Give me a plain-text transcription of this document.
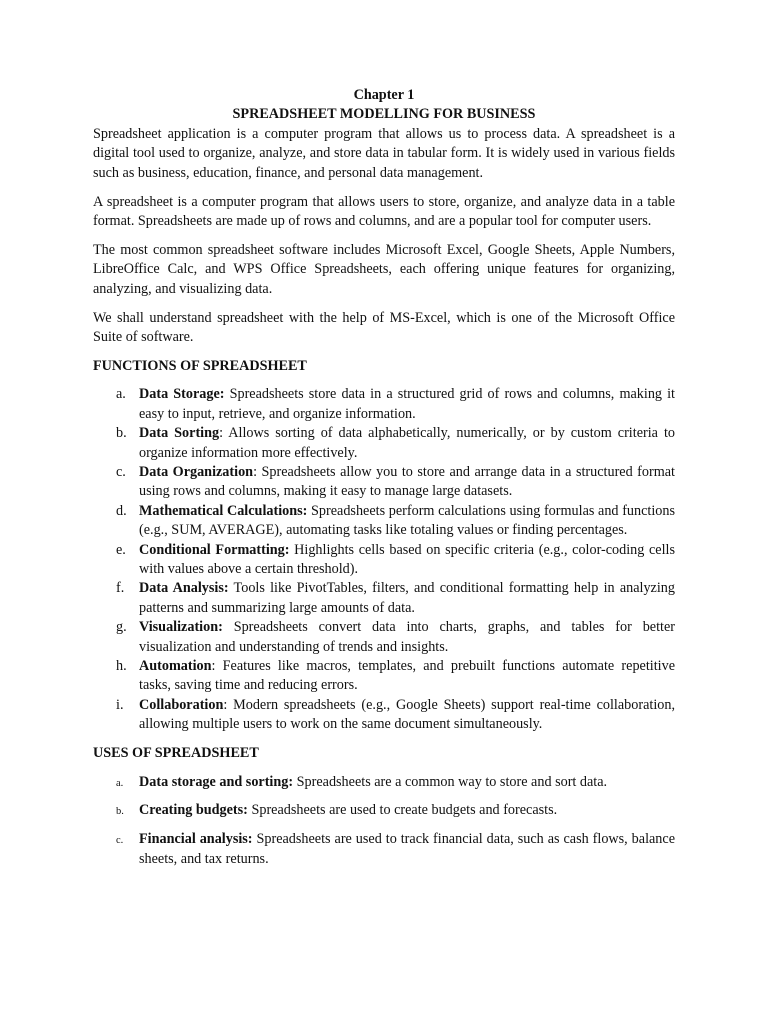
Chapter 1

SPREADSHEET MODELLING FOR BUSINESS

Spreadsheet application is a computer program that allows us to process data. A spreadsheet is a digital tool used to organize, analyze, and store data in tabular form. It is widely used in various fields such as business, education, finance, and personal data management.

A spreadsheet is a computer program that allows users to store, organize, and analyze data in a table format. Spreadsheets are made up of rows and columns, and are a popular tool for computer users.

The most common spreadsheet software includes Microsoft Excel, Google Sheets, Apple Numbers, LibreOffice Calc, and WPS Office Spreadsheets, each offering unique features for organizing, analyzing, and visualizing data.

We shall understand spreadsheet with the help of MS-Excel, which is one of the Microsoft Office Suite of software.

FUNCTIONS OF SPREADSHEET

a. Data Storage: Spreadsheets store data in a structured grid of rows and columns, making it easy to input, retrieve, and organize information.
b. Data Sorting: Allows sorting of data alphabetically, numerically, or by custom criteria to organize information more effectively.
c. Data Organization: Spreadsheets allow you to store and arrange data in a structured format using rows and columns, making it easy to manage large datasets.
d. Mathematical Calculations: Spreadsheets perform calculations using formulas and functions (e.g., SUM, AVERAGE), automating tasks like totaling values or finding percentages.
e. Conditional Formatting: Highlights cells based on specific criteria (e.g., color-coding cells with values above a certain threshold).
f. Data Analysis: Tools like PivotTables, filters, and conditional formatting help in analyzing patterns and summarizing large amounts of data.
g. Visualization: Spreadsheets convert data into charts, graphs, and tables for better visualization and understanding of trends and insights.
h. Automation: Features like macros, templates, and prebuilt functions automate repetitive tasks, saving time and reducing errors.
i. Collaboration: Modern spreadsheets (e.g., Google Sheets) support real-time collaboration, allowing multiple users to work on the same document simultaneously.

USES OF SPREADSHEET

a. Data storage and sorting: Spreadsheets are a common way to store and sort data.
b. Creating budgets: Spreadsheets are used to create budgets and forecasts.
c. Financial analysis: Spreadsheets are used to track financial data, such as cash flows, balance sheets, and tax returns.
